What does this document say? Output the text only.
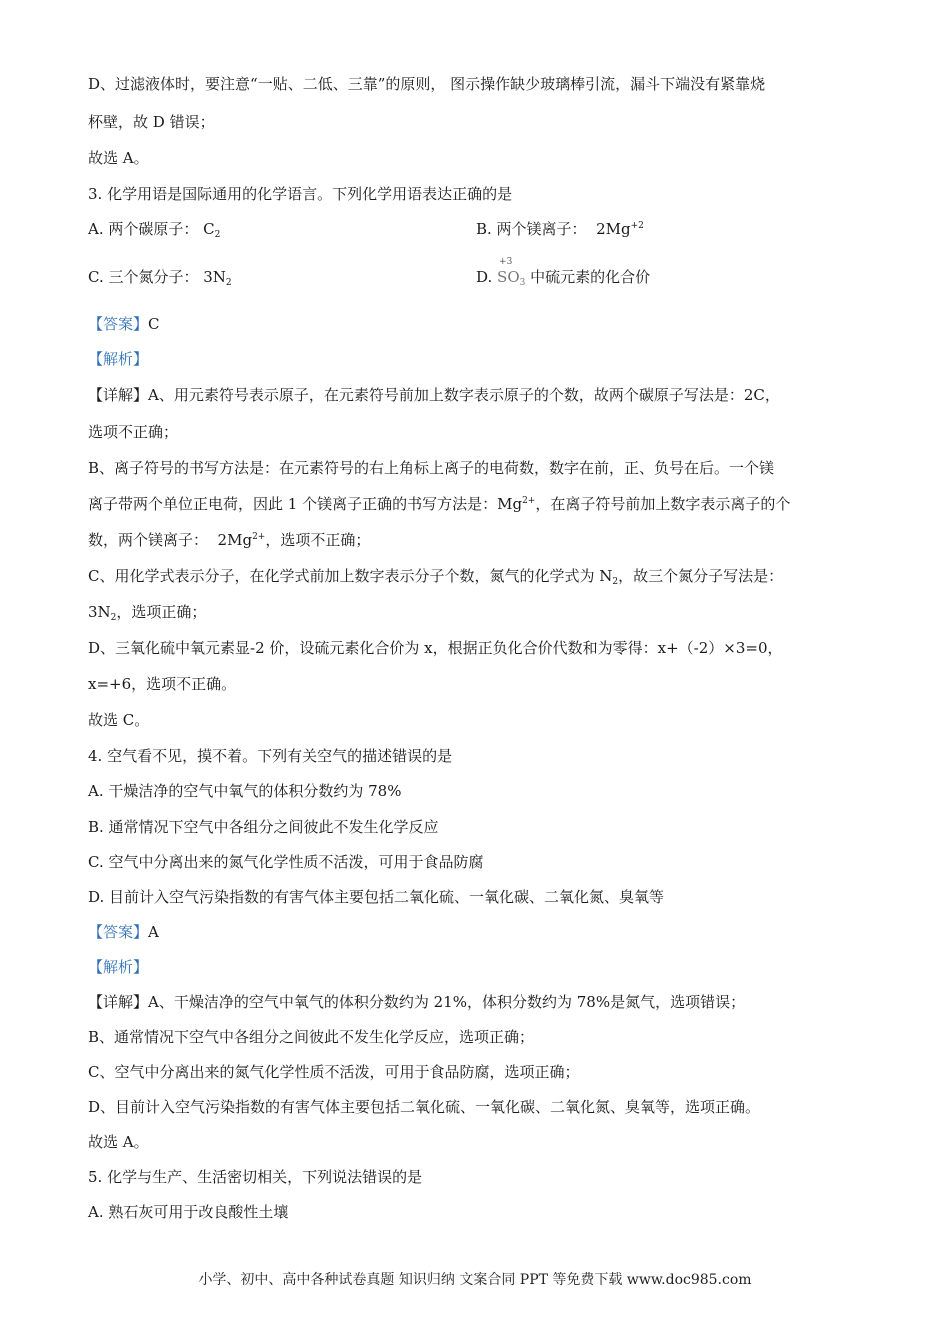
D、过滤液体时，要注意“一贴、二低、三靠”的原则， 图示操作缺少玻璃棒引流，漏斗下端没有紧靠烧
杯壁，故 D 错误；
故选 A。
3. 化学用语是国际通用的化学语言。下列化学用语表达正确的是
A. 两个碳原子： $C_2$	B. 两个镁离子：  $2Mg^{+2}$
C. 三个氮分子： $3N_2$	D.
+3
$SO_3$ 中硫元素的化合价
【答案】C
【解析】
【详解】A、用元素符号表示原子，在元素符号前加上数字表示原子的个数，故两个碳原子写法是：2C，
选项不正确；
B、离子符号的书写方法是：在元素符号的右上角标上离子的电荷数，数字在前，正、负号在后。一个镁
离子带两个单位正电荷，因此 1 个镁离子正确的书写方法是：$Mg^{2+}$，在离子符号前加上数字表示离子的个
数，两个镁离子：  $2Mg^{2+}$，选项不正确；
C、用化学式表示分子，在化学式前加上数字表示分子个数，氮气的化学式为 $N_2$，故三个氮分子写法是：
$3N_2$，选项正确；
D、三氧化硫中氧元素显-2 价，设硫元素化合价为 x，根据正负化合价代数和为零得：x+（-2）×3=0，
x=+6，选项不正确。
故选 C。
4. 空气看不见，摸不着。下列有关空气的描述错误的是
A. 干燥洁净的空气中氧气的体积分数约为 78%
B. 通常情况下空气中各组分之间彼此不发生化学反应
C. 空气中分离出来的氮气化学性质不活泼，可用于食品防腐
D. 目前计入空气污染指数的有害气体主要包括二氧化硫、一氧化碳、二氧化氮、臭氧等
【答案】A
【解析】
【详解】A、干燥洁净的空气中氧气的体积分数约为 21%，体积分数约为 78%是氮气，选项错误；
B、通常情况下空气中各组分之间彼此不发生化学反应，选项正确；
C、空气中分离出来的氮气化学性质不活泼，可用于食品防腐，选项正确；
D、目前计入空气污染指数的有害气体主要包括二氧化硫、一氧化碳、二氧化氮、臭氧等，选项正确。
故选 A。
5. 化学与生产、生活密切相关，下列说法错误的是
A. 熟石灰可用于改良酸性土壤
小学、初中、高中各种试卷真题 知识归纳 文案合同 PPT 等免费下载 www.doc985.com
